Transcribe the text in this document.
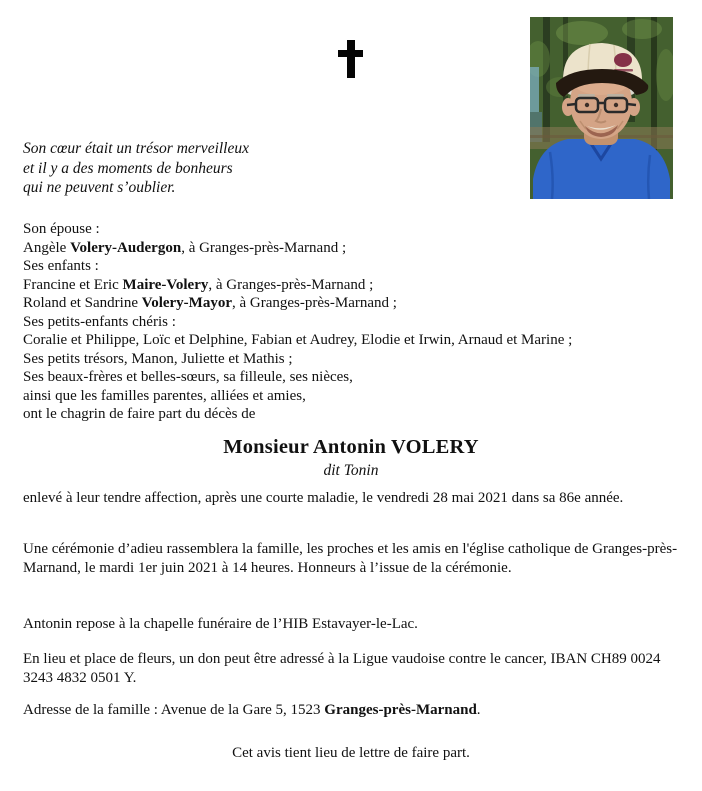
Son cœur était un trésor merveilleux
et il y a des moments de bonheurs
qui ne peuvent s’oublier.
Son épouse :
Angèle Volery-Audergon, à Granges-près-Marnand ;
Ses enfants :
Francine et Eric Maire-Volery, à Granges-près-Marnand ;
Roland et Sandrine Volery-Mayor, à Granges-près-Marnand ;
Ses petits-enfants chéris :
Coralie et Philippe, Loïc et Delphine, Fabian et Audrey, Elodie et Irwin, Arnaud et Marine ;
Ses petits trésors, Manon, Juliette et Mathis ;
Ses beaux-frères et belles-sœurs, sa filleule, ses nièces,
ainsi que les familles parentes, alliées et amies,
ont le chagrin de faire part du décès de
Monsieur Antonin VOLERY
dit Tonin

enlevé à leur tendre affection, après une courte maladie, le vendredi 28 mai 2021 dans sa 86e année.

Une cérémonie d’adieu rassemblera la famille, les proches et les amis en l'église catholique de Granges-près-Marnand, le mardi 1er juin 2021 à 14 heures. Honneurs à l’issue de la cérémonie.

Antonin repose à la chapelle funéraire de l’HIB Estavayer-le-Lac.

En lieu et place de fleurs, un don peut être adressé à la Ligue vaudoise contre le cancer, IBAN CH89 0024 3243 4832 0501 Y.

Adresse de la famille : Avenue de la Gare 5, 1523 Granges-près-Marnand.

Cet avis tient lieu de lettre de faire part.
